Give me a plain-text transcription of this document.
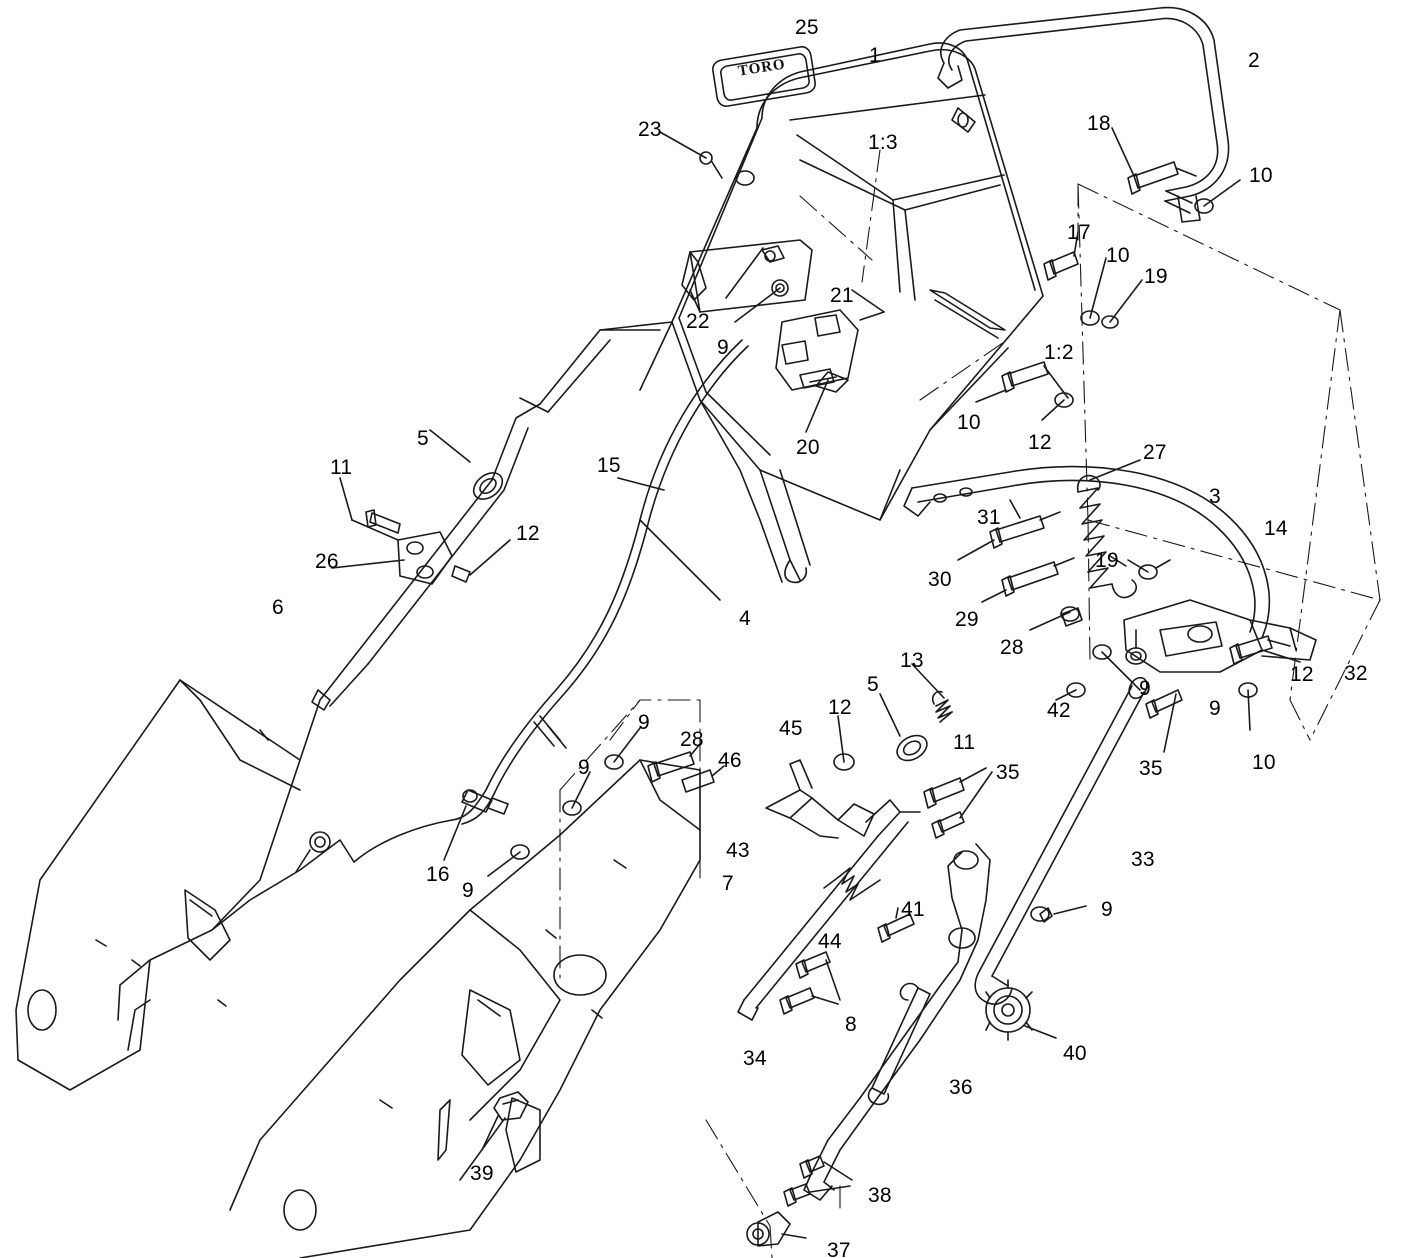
TORO
25
1	2
23
1:3
18
10
17
10
19
21
22
9	1:2
10
12
20
5
15
27
11
3
31	14
12
19
26
30
29
4
6
28
32
13
9
12
42
5
9
12
10
45
9
28
46
11
35
9	35
43	33
16
9	7
41	9
44
8
40
34
36
39
38
37
